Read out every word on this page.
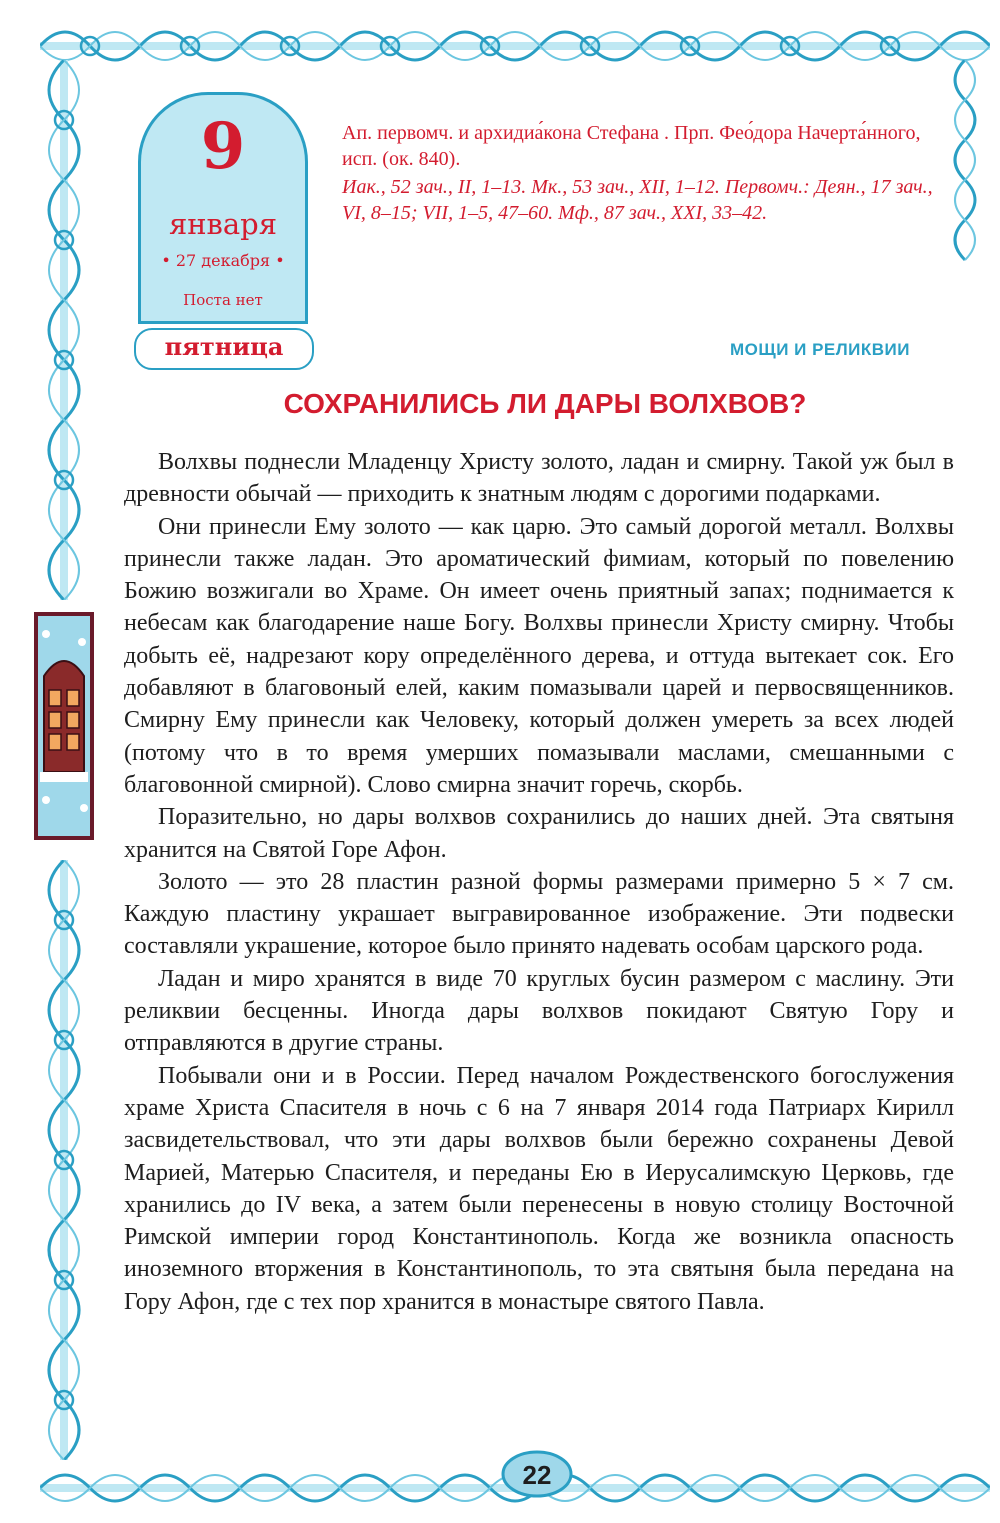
9
января
• 27 декабря •
Поста нет
Ап. первомч. и архидиа́кона Стефана . Прп. Фео́дора Начерта́нного, исп. (ок. 840).
Иак., 52 зач., II, 1–13. Мк., 53 зач., XII, 1–12. Первомч.: Деян., 17 зач., VI, 8–15; VII, 1–5, 47–60. Мф., 87 зач., XXI, 33–42.
пятница	МОЩИ И РЕЛИКВИИ
СОХРАНИЛИСЬ ЛИ ДАРЫ ВОЛХВОВ?

Волхвы поднесли Младенцу Христу золото, ладан и смирну. Такой уж был в древности обычай — приходить к знатным людям с дорогими подарками.

Они принесли Ему золото — как царю. Это самый дорогой металл. Волхвы принесли также ладан. Это ароматический фимиам, который по повелению Божию возжигали во Храме. Он имеет очень приятный запах; поднимается к небесам как благодарение наше Богу. Волхвы принесли Христу смирну. Чтобы добыть её, надрезают кору определённого дерева, и оттуда вытекает сок. Его добавляют в благовоный елей, каким помазывали царей и первосвященников. Смирну Ему принесли как Человеку, который должен умереть за всех людей (потому что в то время умерших помазывали маслами, смешанными с благовонной смирной). Слово смирна значит горечь, скорбь.

Поразительно, но дары волхвов сохранились до наших дней. Эта святыня хранится на Святой Горе Афон.

Золото — это 28 пластин разной формы размерами примерно 5 × 7 см. Каждую пластину украшает выгравированное изображение. Эти подвески составляли украшение, которое было принято надевать особам царского рода.

Ладан и миро хранятся в виде 70 круглых бусин размером с маслину. Эти реликвии бесценны. Иногда дары волхвов покидают Святую Гору и отправляются в другие страны.

Побывали они и в России. Перед началом Рождественского богослужения храме Христа Спасителя в ночь с 6 на 7 января 2014 года Патриарх Кирилл засвидетельствовал, что эти дары волхвов были бережно сохранены Девой Марией, Матерью Спасителя, и переданы Ею в Иерусалимскую Церковь, где хранились до IV века, а затем были перенесены в новую столицу Восточной Римской империи город Константинополь. Когда же возникла опасность иноземного вторжения в Константинополь, то эта святыня была передана на Гору Афон, где с тех пор хранится в монастыре святого Павла.

22
